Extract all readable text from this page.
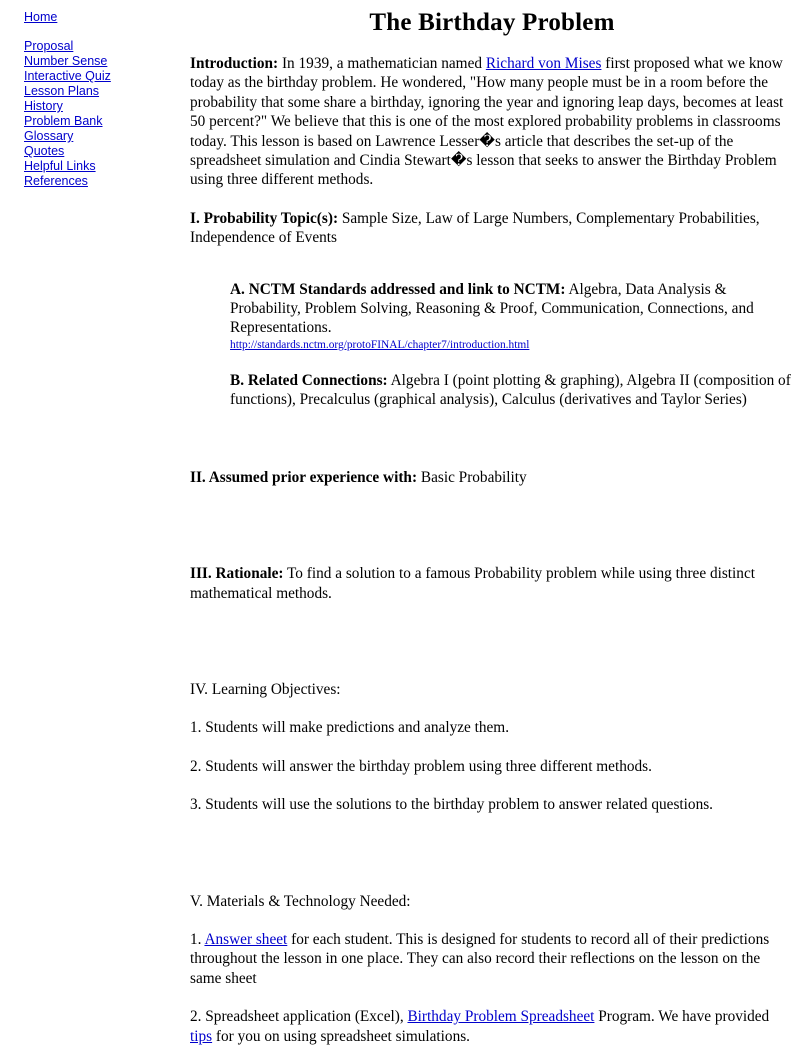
Home
Proposal
Number Sense
Interactive Quiz
Lesson Plans
History
Problem Bank
Glossary
Quotes
Helpful Links
References
The Birthday Problem

Introduction: In 1939, a mathematician named Richard von Mises first proposed what we know today as the birthday problem. He wondered, "How many people must be in a room before the probability that some share a birthday, ignoring the year and ignoring leap days, becomes at least 50 percent?" We believe that this is one of the most explored probability problems in classrooms today. This lesson is based on Lawrence Lesser�s article that describes the set-up of the spreadsheet simulation and Cindia Stewart�s lesson that seeks to answer the Birthday Problem using three different methods.

I. Probability Topic(s): Sample Size, Law of Large Numbers, Complementary Probabilities, Independence of Events

A. NCTM Standards addressed and link to NCTM: Algebra, Data Analysis & Probability, Problem Solving, Reasoning & Proof, Communication, Connections, and Representations.

http://standards.nctm.org/protoFINAL/chapter7/introduction.html

B. Related Connections: Algebra I (point plotting & graphing), Algebra II (composition of functions), Precalculus (graphical analysis), Calculus (derivatives and Taylor Series)

II. Assumed prior experience with: Basic Probability

III. Rationale: To find a solution to a famous Probability problem while using three distinct mathematical methods.

IV. Learning Objectives:

1. Students will make predictions and analyze them.

2. Students will answer the birthday problem using three different methods.

3. Students will use the solutions to the birthday problem to answer related questions.

V. Materials & Technology Needed:

1. Answer sheet for each student. This is designed for students to record all of their predictions throughout the lesson in one place. They can also record their reflections on the lesson on the same sheet

2. Spreadsheet application (Excel), Birthday Problem Spreadsheet Program. We have provided tips for you on using spreadsheet simulations.
